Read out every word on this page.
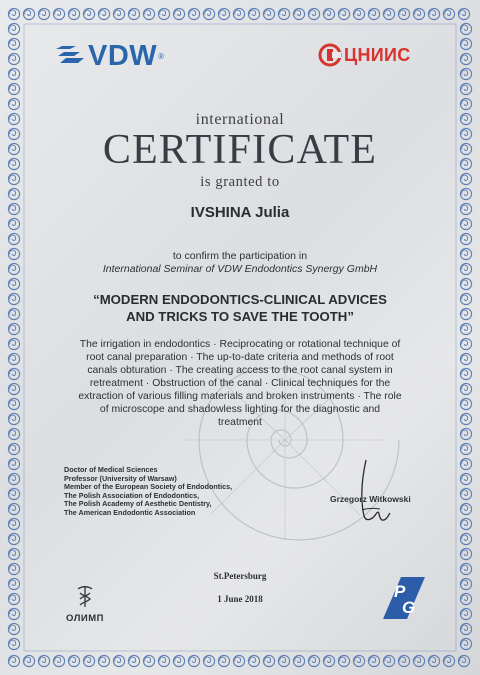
VDW ®	ЦНИИС
international
CERTIFICATE
is granted to
IVSHINA Julia
to confirm the participation in
International Seminar of VDW Endodontics Synergy GmbH
“MODERN ENDODONTICS-CLINICAL ADVICES
AND TRICKS TO SAVE THE TOOTH”
The irrigation in endodontics · Reciprocating or rotational technique of
root canal preparation · The up-to-date criteria and methods of root
canals obturation · The creating access to the root canal system in
retreatment · Obstruction of the canal · Clinical techniques for the
extraction of various filling materials and broken instruments · The role
of microscope and shadowless lighting for the diagnostic and
treatment
Doctor of Medical Sciences
Professor (University of Warsaw)
Member of the European Society of Endodontics,
The Polish Association of Endodontics,
The Polish Academy of Aesthetic Dentistry,
The American Endodontic Association
Grzegorz Witkowski
St.Petersburg
1 June 2018
ОЛИМП
P
G
